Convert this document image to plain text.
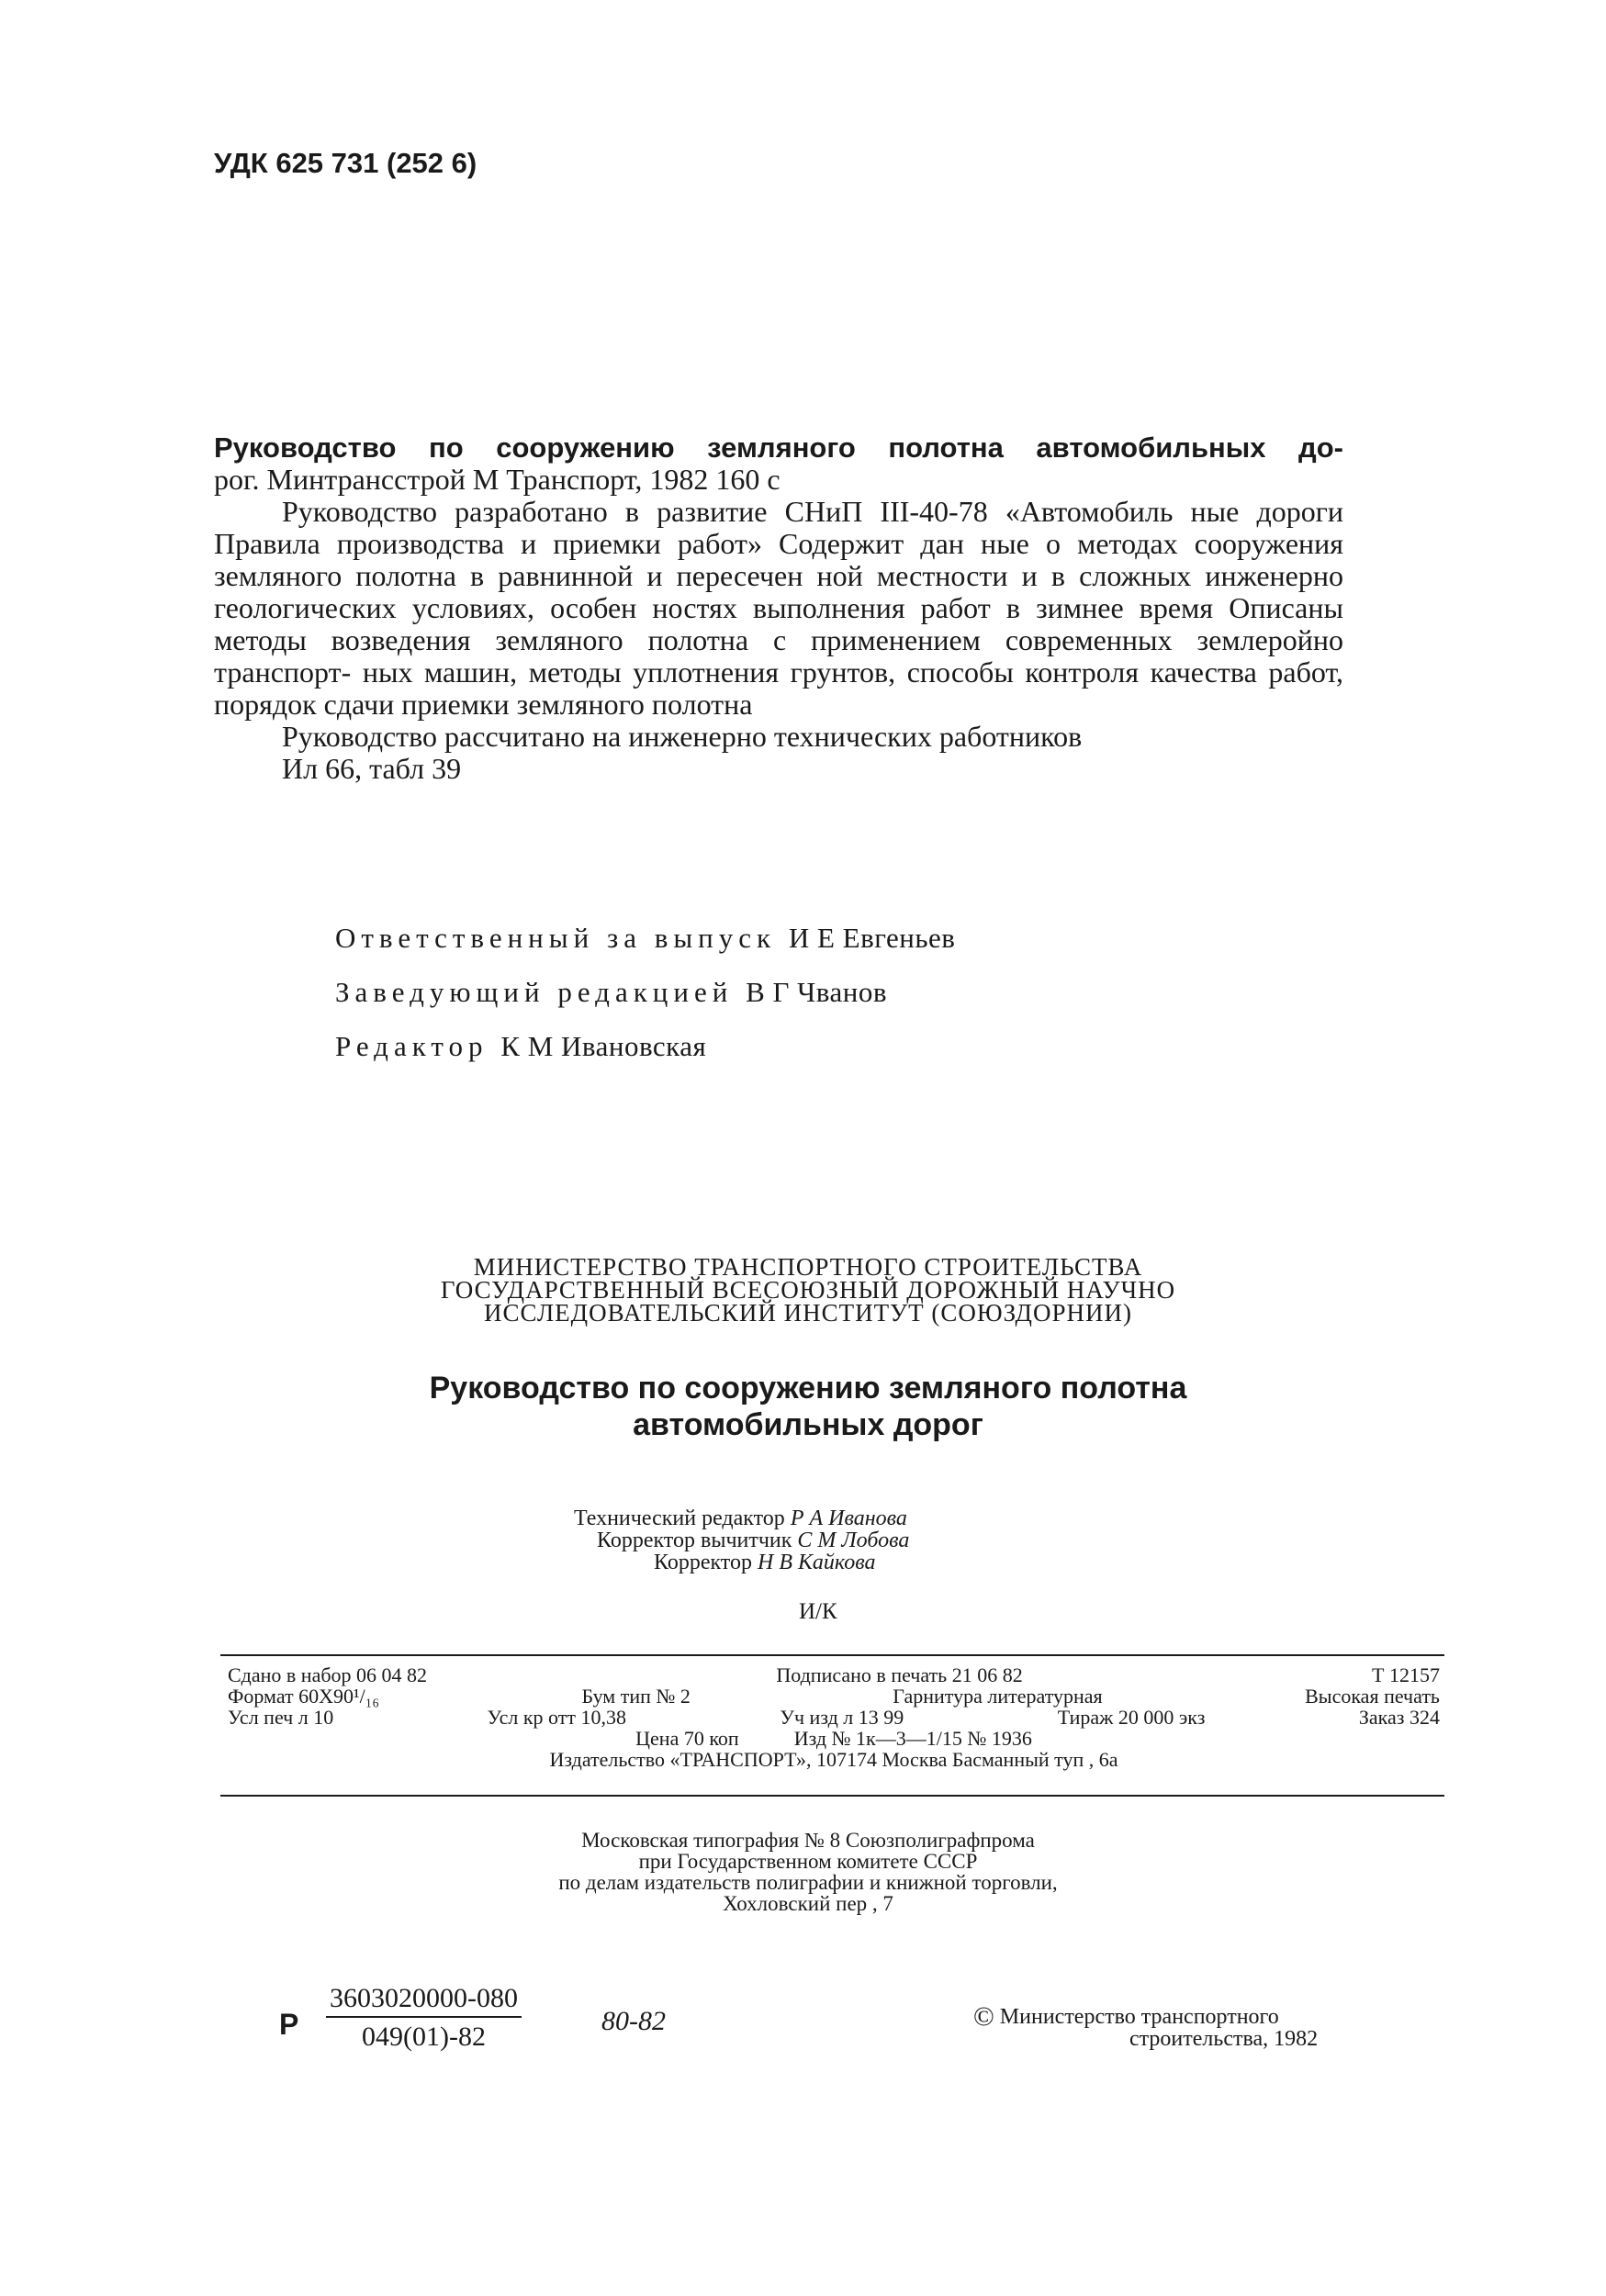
УДК 625 731 (252 6)

Руководство по сооружению земляного полотна автомобильных до-

рог. Минтрансстрой М Транспорт, 1982 160 с

Руководство разработано в развитие СНиП III-40-78 «Автомобиль ные дороги Правила производства и приемки работ» Содержит дан ные о методах сооружения земляного полотна в равнинной и пересечен ной местности и в сложных инженерно геологических условиях, особен ностях выполнения работ в зимнее время Описаны методы возведения земляного полотна с применением современных землеройно транспорт- ных машин, методы уплотнения грунтов, способы контроля качества работ, порядок сдачи приемки земляного полотна

Руководство рассчитано на инженерно технических работников

Ил 66, табл 39

Ответственный за выпуск И Е Евгеньев
Заведующий редакцией В Г Чванов
Редактор К М Ивановская
МИНИСТЕРСТВО ТРАНСПОРТНОГО СТРОИТЕЛЬСТВА
ГОСУДАРСТВЕННЫЙ ВСЕСОЮЗНЫЙ ДОРОЖНЫЙ НАУЧНО
ИССЛЕДОВАТЕЛЬСКИЙ ИНСТИТУТ (СОЮЗДОРНИИ)
Руководство по сооружению земляного полотна
автомобильных дорог
Технический редактор Р А Иванова
Корректор вычитчик С М Лобова
Корректор Н В Кайкова
И/К
Сдано в набор 06 04 82	Подписано в печать 21 06 82	Т 12157
Формат 60X90¹/₁₆	Бум тип № 2	Гарнитура литературная	Высокая печать
Усл печ л 10	Усл кр отт 10,38	Уч изд л 13 99	Тираж 20 000 экз	Заказ 324
Цена 70 коп	Изд № 1к—3—1/15 № 1936
Издательство «ТРАНСПОРТ», 107174 Москва Басманный туп , 6а
Московская типография № 8 Союзполиграфпрома
при Государственном комитете СССР
по делам издательств полиграфии и книжной торговли,
Хохловский пер , 7
Р $\frac{3603020000-080}{049(01)-82}$	80-82	© Министерство транспортного
строительства, 1982
